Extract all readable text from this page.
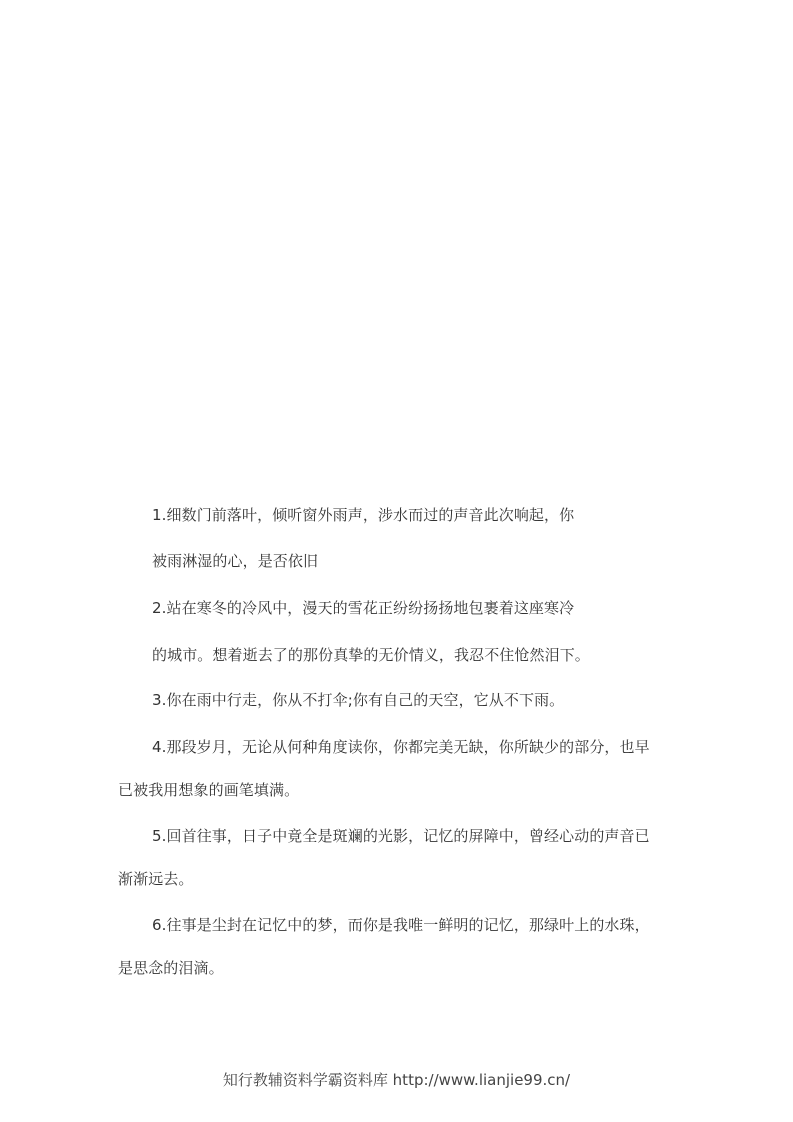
1.细数门前落叶，倾听窗外雨声，涉水而过的声音此次响起，你
被雨淋湿的心，是否依旧
2.站在寒冬的冷风中，漫天的雪花正纷纷扬扬地包裹着这座寒冷
的城市。想着逝去了的那份真挚的无价情义，我忍不住怆然泪下。
3.你在雨中行走，你从不打伞;你有自己的天空，它从不下雨。
4.那段岁月，无论从何种角度读你，你都完美无缺，你所缺少的部分，也早
已被我用想象的画笔填满。
5.回首往事，日子中竟全是斑斓的光影，记忆的屏障中，曾经心动的声音已
渐渐远去。
6.往事是尘封在记忆中的梦，而你是我唯一鲜明的记忆，那绿叶上的水珠，
是思念的泪滴。
知行教辅资料学霸资料库 http://www.lianjie99.cn/
